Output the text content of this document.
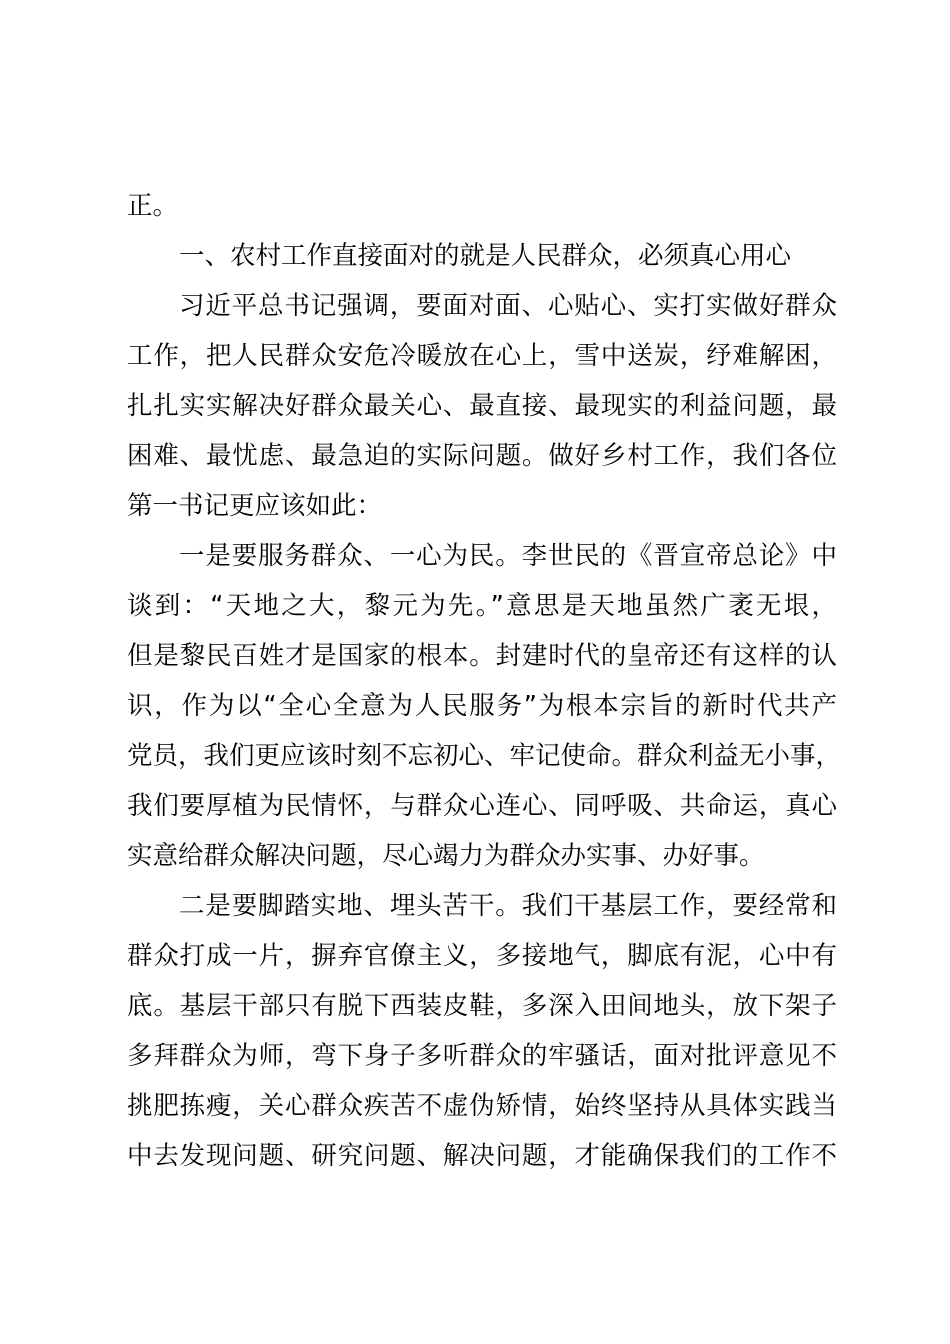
正。
一、农村工作直接面对的就是人民群众，必须真心用心
习近平总书记强调，要面对面、心贴心、实打实做好群众
工作，把人民群众安危冷暖放在心上，雪中送炭，纾难解困，
扎扎实实解决好群众最关心、最直接、最现实的利益问题，最
困难、最忧虑、最急迫的实际问题。做好乡村工作，我们各位
第一书记更应该如此：
一是要服务群众、一心为民。李世民的《晋宣帝总论》中
谈到：“天地之大，黎元为先。”意思是天地虽然广袤无垠，
但是黎民百姓才是国家的根本。封建时代的皇帝还有这样的认
识，作为以“全心全意为人民服务”为根本宗旨的新时代共产
党员，我们更应该时刻不忘初心、牢记使命。群众利益无小事，
我们要厚植为民情怀，与群众心连心、同呼吸、共命运，真心
实意给群众解决问题，尽心竭力为群众办实事、办好事。
二是要脚踏实地、埋头苦干。我们干基层工作，要经常和
群众打成一片，摒弃官僚主义，多接地气，脚底有泥，心中有
底。基层干部只有脱下西装皮鞋，多深入田间地头，放下架子
多拜群众为师，弯下身子多听群众的牢骚话，面对批评意见不
挑肥拣瘦，关心群众疾苦不虚伪矫情，始终坚持从具体实践当
中去发现问题、研究问题、解决问题，才能确保我们的工作不
